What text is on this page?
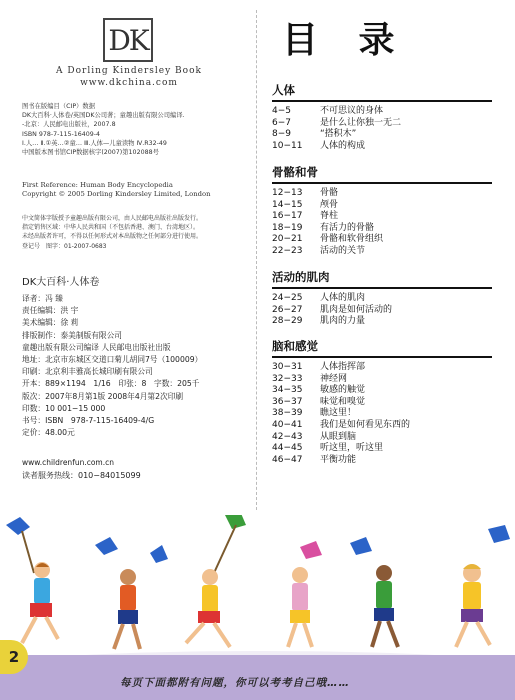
DK
A Dorling Kindersley Book
www.dkchina.com
图书在版编目（CIP）数据
DK大百科·人体卷/英国DK公司著；童趣出版有限公司编译.
-北京：人民邮电出版社，2007.8
ISBN 978-7-115-16409-4
Ⅰ.人… Ⅱ.①英…②童… Ⅲ.人体—儿童读物 Ⅳ.R32-49
中国版本图书馆CIP数据核字(2007)第102088号
First Reference: Human Body Encyclopedia
Copyright © 2005 Dorling Kindersley Limited, London
中文简体字版授予童趣出版有限公司，由人民邮电出版社出版发行。
指定销售区域：中华人民共和国（不包括香港、澳门、台湾地区）。
未经出版者许可，不得以任何形式对本出版物之任何部分进行使用。
登记号　图字：01-2007-0683
DK大百科·人体卷
译者：冯 臻
责任编辑：洪 宇
美术编辑：徐 莉
排版制作：泰美制版有限公司
童趣出版有限公司编译 人民邮电出版社出版
地址：北京市东城区交道口菊儿胡同7号（100009）
印刷：北京利丰雅高长城印刷有限公司
开本：889×1194　1/16　印张：8　字数：205千
版次：2007年8月第1版 2008年4月第2次印刷
印数：10 001−15 000
书号：ISBN　978-7-115-16409-4/G
定价：48.00元
www.childrenfun.com.cn
读者服务热线：010−84015099
目 录
人体
4−5	不可思议的身体
6−7	是什么让你独一无二
8−9	“搭积木”
10−11	人体的构成
骨骼和骨
12−13	骨骼
14−15	颅骨
16−17	脊柱
18−19	有活力的骨骼
20−21	骨骼和软骨组织
22−23	活动的关节
活动的肌肉
24−25	人体的肌肉
26−27	肌肉是如何活动的
28−29	肌肉的力量
脑和感觉
30−31	人体指挥部
32−33	神经网
34−35	敏感的触觉
36−37	味觉和嗅觉
38−39	瞧这里！
40−41	我们是如何看见东西的
42−43	从眼到脑
44−45	听这里，听这里
46−47	平衡功能
每页下面都附有问题，你可以考考自己哦……
2
